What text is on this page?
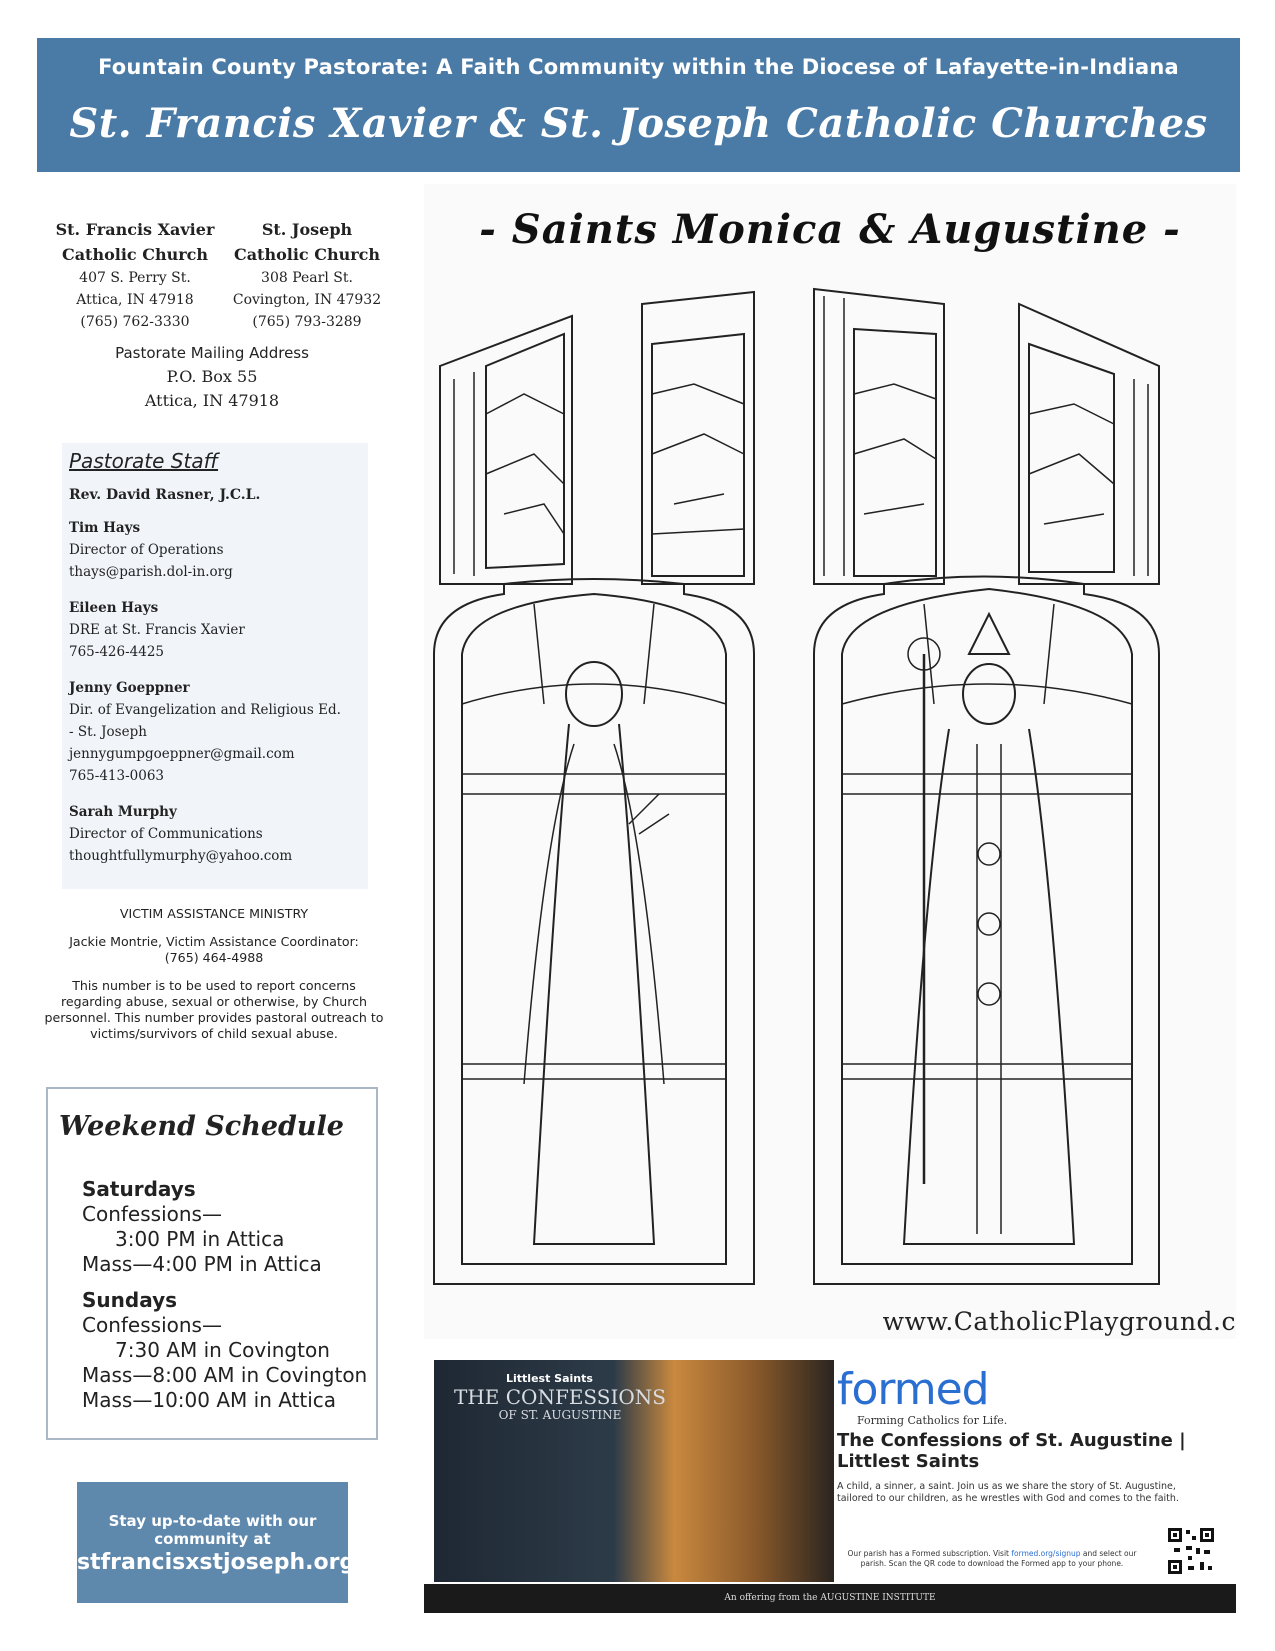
Fountain County Pastorate: A Faith Community within the Diocese of Lafayette-in-Indiana
St. Francis Xavier & St. Joseph Catholic Churches
St. Francis Xavier
Catholic Church
407 S. Perry St.
Attica, IN 47918
(765) 762-3330
St. Joseph
Catholic Church
308 Pearl St.
Covington, IN 47932
(765) 793-3289
Pastorate Mailing Address
P.O. Box 55
Attica, IN 47918
Pastorate Staff
Rev. David Rasner, J.C.L.
Tim Hays
Director of Operations
thays@parish.dol-in.org
Eileen Hays
DRE at St. Francis Xavier
765-426-4425
Jenny Goeppner
Dir. of Evangelization and Religious Ed.
- St. Joseph
jennygumpgoeppner@gmail.com
765-413-0063
Sarah Murphy
Director of Communications
thoughtfullymurphy@yahoo.com

VICTIM ASSISTANCE MINISTRY

Jackie Montrie, Victim Assistance Coordinator:

(765) 464-4988

This number is to be used to report concerns regarding abuse, sexual or otherwise, by Church personnel. This number provides pastoral outreach to victims/survivors of child sexual abuse.

Weekend Schedule
Saturdays
Confessions—
3:00 PM in Attica
Mass—4:00 PM in Attica
Sundays
Confessions—
7:30 AM in Covington
Mass—8:00 AM in Covington
Mass—10:00 AM in Attica
Stay up-to-date with our community at
stfrancisxstjoseph.org!
- Saints Monica & Augustine -
www.CatholicPlayground.c
Littlest Saints
THE CONFESSIONS
OF ST. AUGUSTINE	formed
Forming Catholics for Life.
The Confessions of St. Augustine | Littlest Saints
A child, a sinner, a saint. Join us as we share the story of St. Augustine, tailored to our children, as he wrestles with God and comes to the faith.
Our parish has a Formed subscription. Visit formed.org/signup and select our parish. Scan the QR code to download the Formed app to your phone.
An offering from the AUGUSTINE INSTITUTE
